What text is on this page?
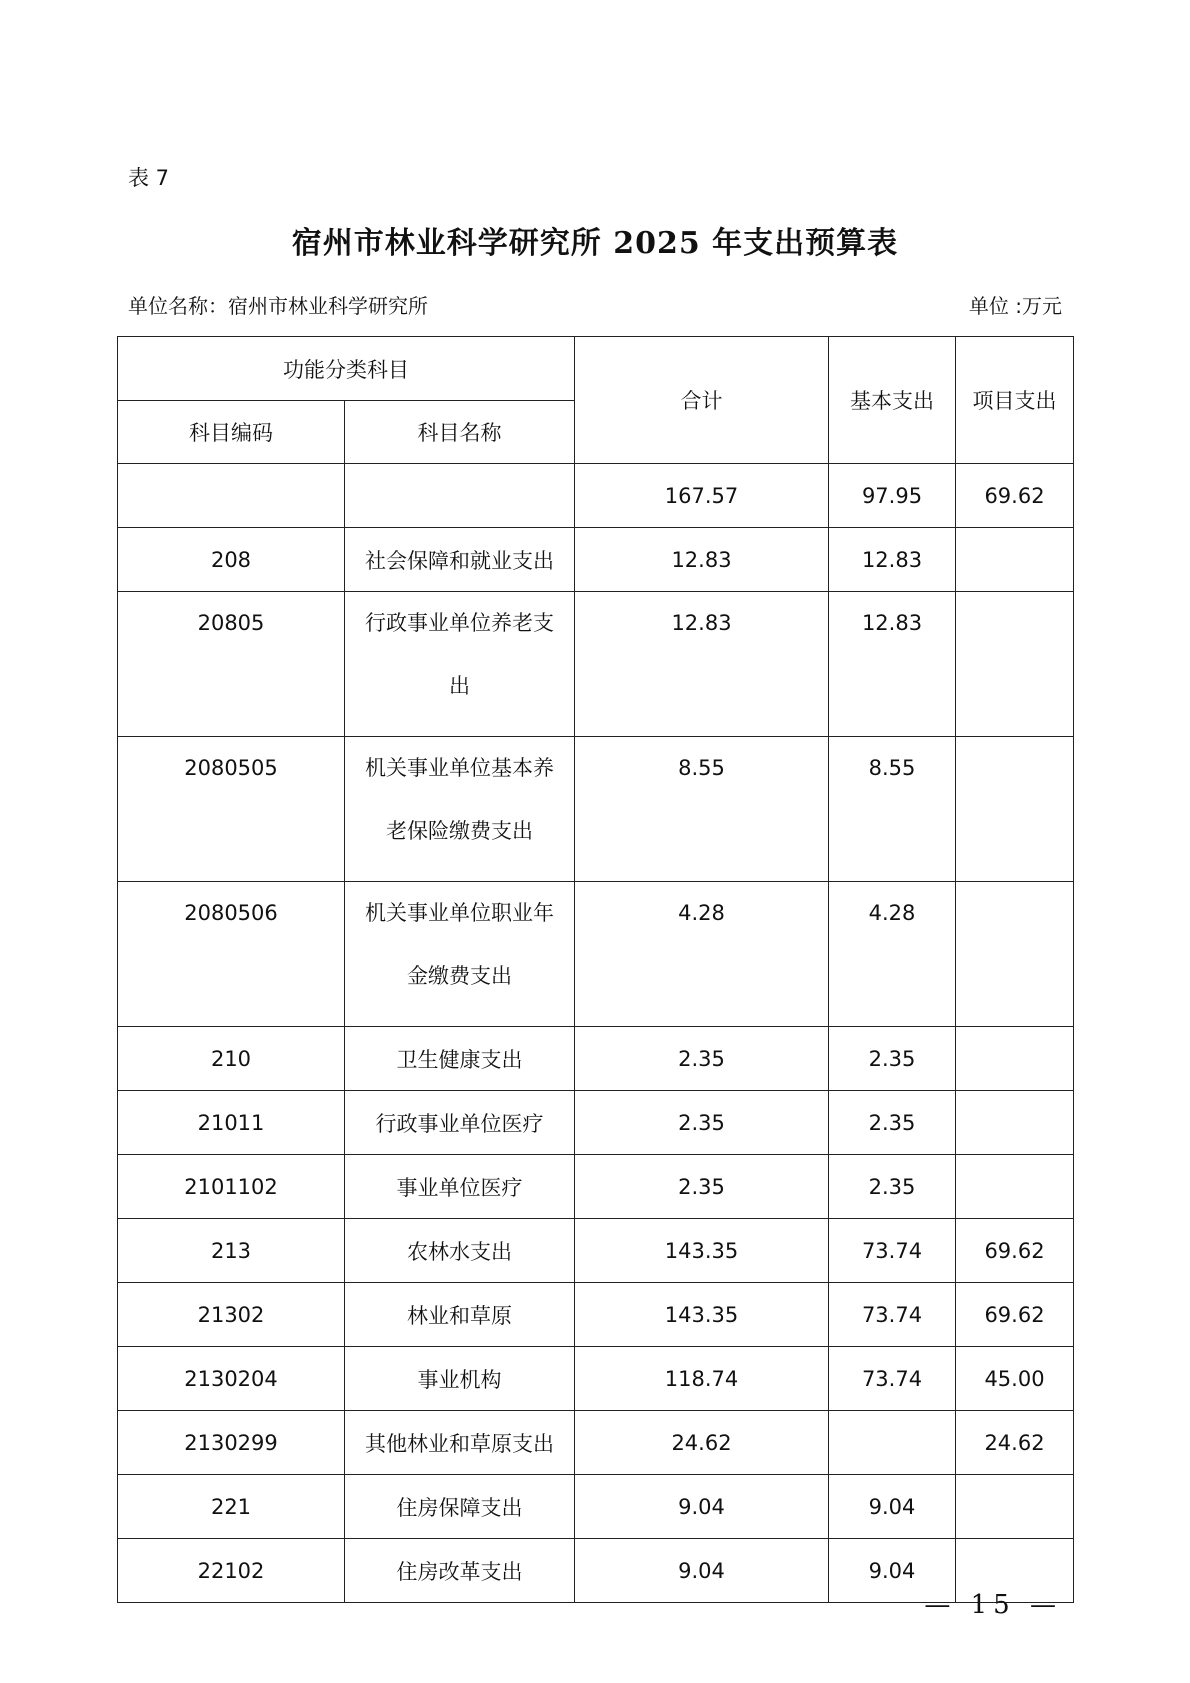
表 7
宿州市林业科学研究所 2025 年支出预算表
单位名称：宿州市林业科学研究所	单位 :万元
功能分类科目		合计	基本支出	项目支出
科目编码	科目名称			
		167.57	97.95	69.62
208	社会保障和就业支出	12.83	12.83	
20805	行政事业单位养老支出	12.83	12.83	
2080505	机关事业单位基本养老保险缴费支出	8.55	8.55	
2080506	机关事业单位职业年金缴费支出	4.28	4.28	
210	卫生健康支出	2.35	2.35	
21011	行政事业单位医疗	2.35	2.35	
2101102	事业单位医疗	2.35	2.35	
213	农林水支出	143.35	73.74	69.62
21302	林业和草原	143.35	73.74	69.62
2130204	事业机构	118.74	73.74	45.00
2130299	其他林业和草原支出	24.62		24.62
221	住房保障支出	9.04	9.04	
22102	住房改革支出	9.04	9.04	
— 15 —
